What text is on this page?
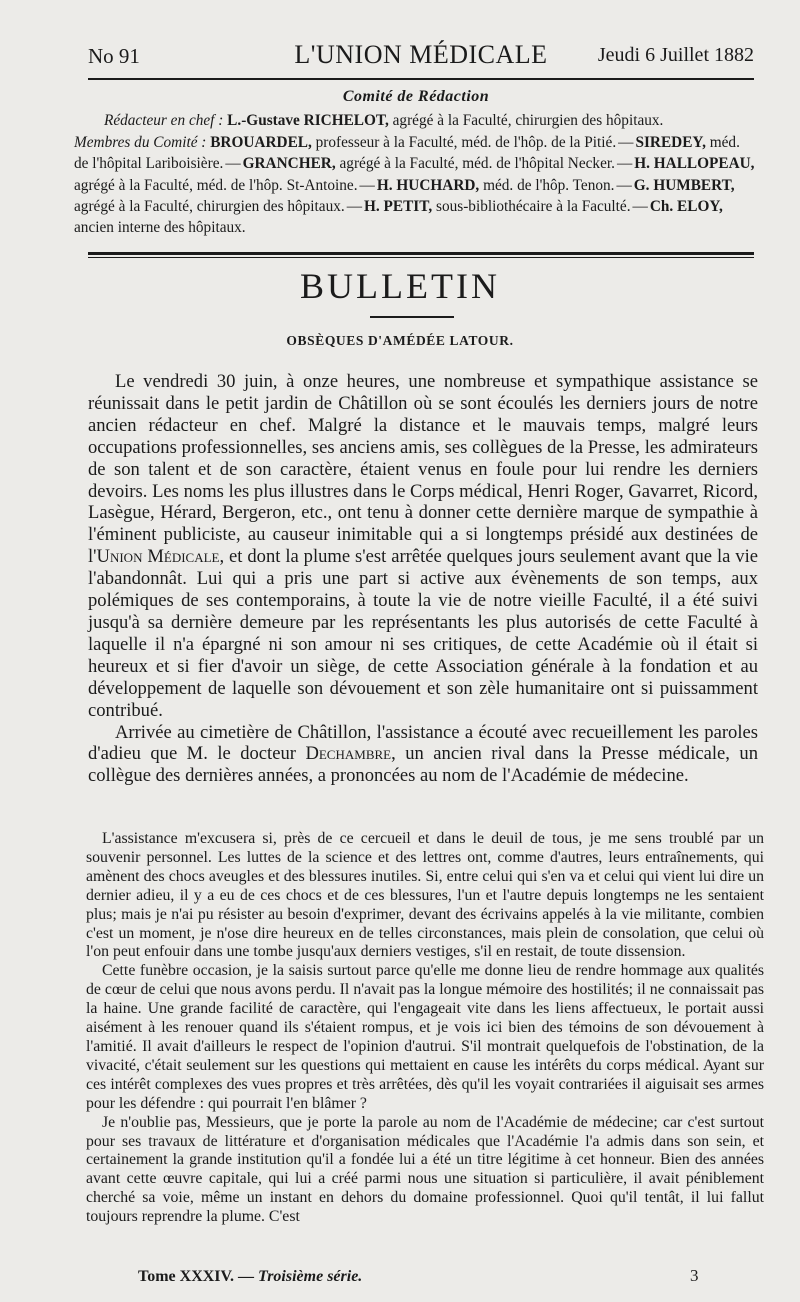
No 91	L'UNION MÉDICALE	Jeudi 6 Juillet 1882

Comité de Rédaction

Rédacteur en chef : L.-Gustave RICHELOT, agrégé à la Faculté, chirurgien des hôpitaux.

Membres du Comité : BROUARDEL, professeur à la Faculté, méd. de l'hôp. de la Pitié. — SIREDEY, méd. de l'hôpital Lariboisière. — GRANCHER, agrégé à la Faculté, méd. de l'hôpital Necker. — H. HALLOPEAU, agrégé à la Faculté, méd. de l'hôp. St-Antoine. — H. HUCHARD, méd. de l'hôp. Tenon. — G. HUMBERT, agrégé à la Faculté, chirurgien des hôpitaux. — H. PETIT, sous-bibliothécaire à la Faculté. — Ch. ELOY, ancien interne des hôpitaux.

BULLETIN
OBSÈQUES D'AMÉDÉE LATOUR.

Le vendredi 30 juin, à onze heures, une nombreuse et sympathique assistance se réunissait dans le petit jardin de Châtillon où se sont écoulés les derniers jours de notre ancien rédacteur en chef. Malgré la distance et le mauvais temps, malgré leurs occupations professionnelles, ses anciens amis, ses collègues de la Presse, les admirateurs de son talent et de son caractère, étaient venus en foule pour lui rendre les derniers devoirs. Les noms les plus illustres dans le Corps médical, Henri Roger, Gavarret, Ricord, Lasègue, Hérard, Bergeron, etc., ont tenu à donner cette dernière marque de sympathie à l'éminent publiciste, au causeur inimitable qui a si longtemps présidé aux destinées de l'Union Médicale, et dont la plume s'est arrêtée quelques jours seulement avant que la vie l'abandonnât. Lui qui a pris une part si active aux évènements de son temps, aux polémiques de ses contemporains, à toute la vie de notre vieille Faculté, il a été suivi jusqu'à sa dernière demeure par les représentants les plus autorisés de cette Faculté à laquelle il n'a épargné ni son amour ni ses critiques, de cette Académie où il était si heureux et si fier d'avoir un siège, de cette Association générale à la fondation et au développement de laquelle son dévouement et son zèle humanitaire ont si puissamment contribué.

Arrivée au cimetière de Châtillon, l'assistance a écouté avec recueillement les paroles d'adieu que M. le docteur Dechambre, un ancien rival dans la Presse médicale, un collègue des dernières années, a prononcées au nom de l'Académie de médecine.

L'assistance m'excusera si, près de ce cercueil et dans le deuil de tous, je me sens troublé par un souvenir personnel. Les luttes de la science et des lettres ont, comme d'autres, leurs entraînements, qui amènent des chocs aveugles et des blessures inutiles. Si, entre celui qui s'en va et celui qui vient lui dire un dernier adieu, il y a eu de ces chocs et de ces blessures, l'un et l'autre depuis longtemps ne les sentaient plus; mais je n'ai pu résister au besoin d'exprimer, devant des écrivains appelés à la vie militante, combien c'est un moment, je n'ose dire heureux en de telles circonstances, mais plein de consolation, que celui où l'on peut enfouir dans une tombe jusqu'aux derniers vestiges, s'il en restait, de toute dissension.

Cette funèbre occasion, je la saisis surtout parce qu'elle me donne lieu de rendre hommage aux qualités de cœur de celui que nous avons perdu. Il n'avait pas la longue mémoire des hostilités; il ne connaissait pas la haine. Une grande facilité de caractère, qui l'engageait vite dans les liens affectueux, le portait aussi aisément à les renouer quand ils s'étaient rompus, et je vois ici bien des témoins de son dévouement à l'amitié. Il avait d'ailleurs le respect de l'opinion d'autrui. S'il montrait quelquefois de l'obstination, de la vivacité, c'était seulement sur les questions qui mettaient en cause les intérêts du corps médical. Ayant sur ces intérêt complexes des vues propres et très arrêtées, dès qu'il les voyait contrariées il aiguisait ses armes pour les défendre : qui pourrait l'en blâmer ?

Je n'oublie pas, Messieurs, que je porte la parole au nom de l'Académie de médecine; car c'est surtout pour ses travaux de littérature et d'organisation médicales que l'Académie l'a admis dans son sein, et certainement la grande institution qu'il a fondée lui a été un titre légitime à cet honneur. Bien des années avant cette œuvre capitale, qui lui a créé parmi nous une situation si particulière, il avait péniblement cherché sa voie, même un instant en dehors du domaine professionnel. Quoi qu'il tentât, il lui fallut toujours reprendre la plume. C'est

Tome XXXIV. — Troisième série.	3
